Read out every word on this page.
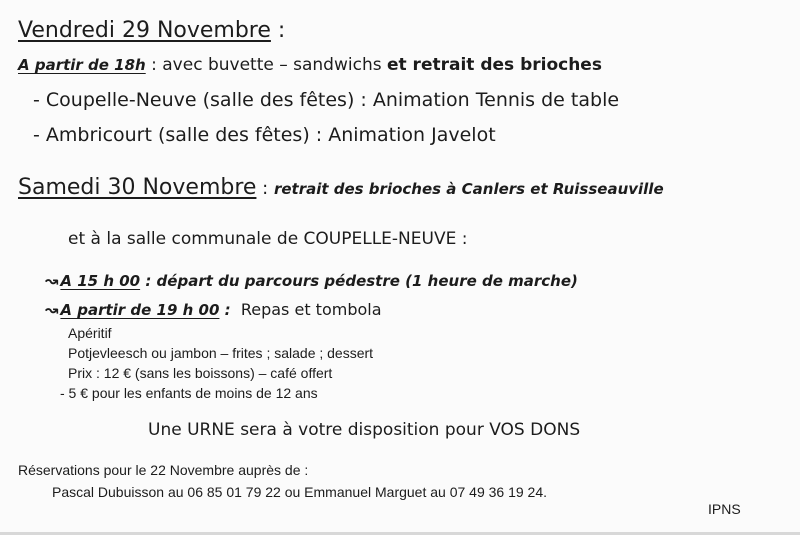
Vendredi 29 Novembre :
A partir de 18h : avec buvette – sandwichs et retrait des brioches
- Coupelle-Neuve (salle des fêtes) : Animation Tennis de table
- Ambricourt (salle des fêtes) : Animation Javelot
Samedi 30 Novembre : retrait des brioches à Canlers et Ruisseauville
et à la salle communale de COUPELLE-NEUVE :
↝ A 15 h 00 : départ du parcours pédestre (1 heure de marche)
↝ A partir de 19 h 00 : Repas et tombola
Apéritif
Potjevleesch ou jambon – frites ; salade ; dessert
Prix : 12 € (sans les boissons) – café offert
- 5 € pour les enfants de moins de 12 ans
Une URNE sera à votre disposition pour VOS DONS
Réservations pour le 22 Novembre auprès de :
Pascal Dubuisson au 06 85 01 79 22 ou Emmanuel Marguet au 07 49 36 19 24.
IPNS
